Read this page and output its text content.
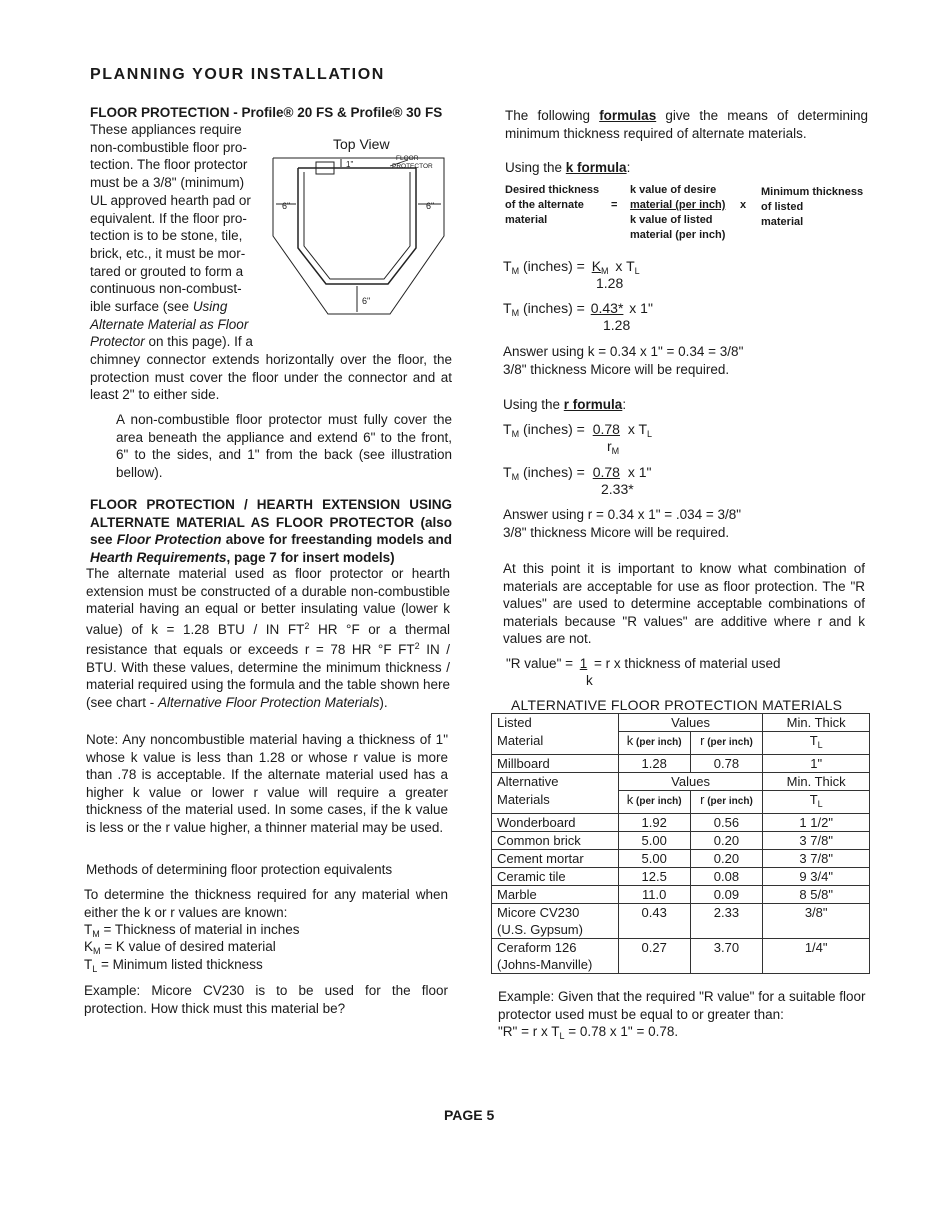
PLANNING YOUR INSTALLATION
FLOOR PROTECTION - Profile® 20 FS & Profile® 30 FS
These appliances require
non-combustible floor pro-
tection. The floor protector
must be a 3/8" (minimum)
UL approved hearth pad or
equivalent. If the floor pro-
tection is to be stone, tile,
brick, etc., it must be mor-
tared or grouted to form a
continuous non-combust-
ible surface (see Using
Alternate Material as Floor
Protector on this page). If a

chimney connector extends horizontally over the floor, the protection must cover the floor under the connector and at least 2" to either side.

A non-combustible floor protector must fully cover the area beneath the appliance and extend 6" to the front, 6" to the sides, and 1" from the back (see illustration bellow).

Top View
1"
FLOOR
PROTECTOR
6"	6"
6"
FLOOR PROTECTION / HEARTH EXTENSION USING ALTERNATE MATERIAL AS FLOOR PROTECTOR (also see Floor Protection above for freestanding models and Hearth Requirements, page 7 for insert models)

The alternate material used as floor protector or hearth extension must be constructed of a durable non-combustible material having an equal or better insulating value (lower k value) of k = 1.28 BTU / IN $FT^2$ HR °F or a thermal resistance that equals or exceeds r = 78 HR °F $FT^2$ IN / BTU. With these values, determine the minimum thickness / material required using the formula and the table shown here (see chart - Alternative Floor Protection Materials).

Note: Any noncombustible material having a thickness of 1" whose k value is less than 1.28 or whose r value is more than .78 is acceptable. If the alternate material used has a higher k value or lower r value will require a greater thickness of the material used. In some cases, if the k value is less or the r value higher, a thinner material may be used.

Methods of determining floor protection equivalents

To determine the thickness required for any material when either the k or r values are known:

$T_M$ = Thickness of material in inches
$K_M = K$ value of desired material
$T_L$ = Minimum listed thickness

Example: Micore CV230 is to be used for the floor protection. How thick must this material be?

The following formulas give the means of determining minimum thickness required of alternate materials.

Using the k formula:
Desired thickness
of the alternate
material
=
k value of desire
material (per inch)
k value of listed
material (per inch)
x
Minimum thickness
of listed
material
$T_M$ (inches) = $K_M$ x $T_L$
1.28
$T_M$ (inches) = 0.43* x 1"
1.28
Answer using k = 0.34 x 1" = 0.34 = 3/8"
3/8" thickness Micore will be required.
Using the r formula:
$T_M$ (inches) = 0.78 x $T_L$
$r_M$
$T_M$ (inches) = 0.78 x 1"
2.33*
Answer using r = 0.34 x 1" = .034 = 3/8"
3/8" thickness Micore will be required.

At this point it is important to know what combination of materials are acceptable for use as floor protection. The "R values" are used to determine acceptable combinations of materials because "R values" are additive where r and k values are not.

"R value" = 1 = r x thickness of material used
k
ALTERNATIVE FLOOR PROTECTION MATERIALS
Listed	Values		Min. Thick
Material	k (per inch)	r (per inch)	$T_L$
Millboard	1.28	0.78	1"
Alternative	Values		Min. Thick
Materials	k (per inch)	r (per inch)	$T_L$
Wonderboard	1.92	0.56	1 1/2"
Common brick	5.00	0.20	3 7/8"
Cement mortar	5.00	0.20	3 7/8"
Ceramic tile	12.5	0.08	9 3/4"
Marble	11.0	0.09	8 5/8"

Micore CV230
(U.S. Gypsum)	0.43	2.33	3/8"

Ceraform 126
(Johns-Manville)	0.27	3.70	1/4"
Example: Given that the required "R value" for a suitable floor protector used must be equal to or greater than:
"R" = r x $T_L = 0.78$ x 1" = 0.78.
PAGE 5
